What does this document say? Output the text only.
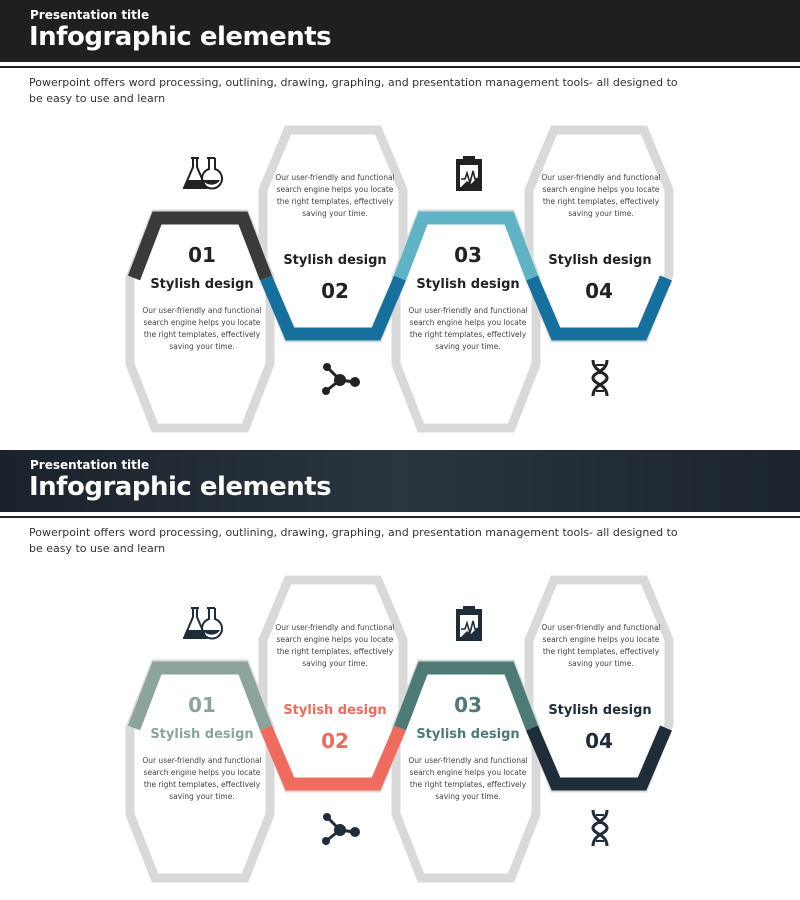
Presentation title
Infographic elements
Powerpoint offers word processing, outlining, drawing, graphing, and presentation management tools- all designed to be easy to use and learn
01
Stylish design
Our user-friendly and functional search engine helps you locate the right templates, effectively saving your time.
Our user-friendly and functional search engine helps you locate the right templates, effectively saving your time.
Stylish design
02
03
Stylish design
Our user-friendly and functional search engine helps you locate the right templates, effectively saving your time.
Our user-friendly and functional search engine helps you locate the right templates, effectively saving your time.
Stylish design
04
Presentation title
Infographic elements
Powerpoint offers word processing, outlining, drawing, graphing, and presentation management tools- all designed to be easy to use and learn
01
Stylish design
Our user-friendly and functional search engine helps you locate the right templates, effectively saving your time.
Our user-friendly and functional search engine helps you locate the right templates, effectively saving your time.
Stylish design
02
03
Stylish design
Our user-friendly and functional search engine helps you locate the right templates, effectively saving your time.
Our user-friendly and functional search engine helps you locate the right templates, effectively saving your time.
Stylish design
04
